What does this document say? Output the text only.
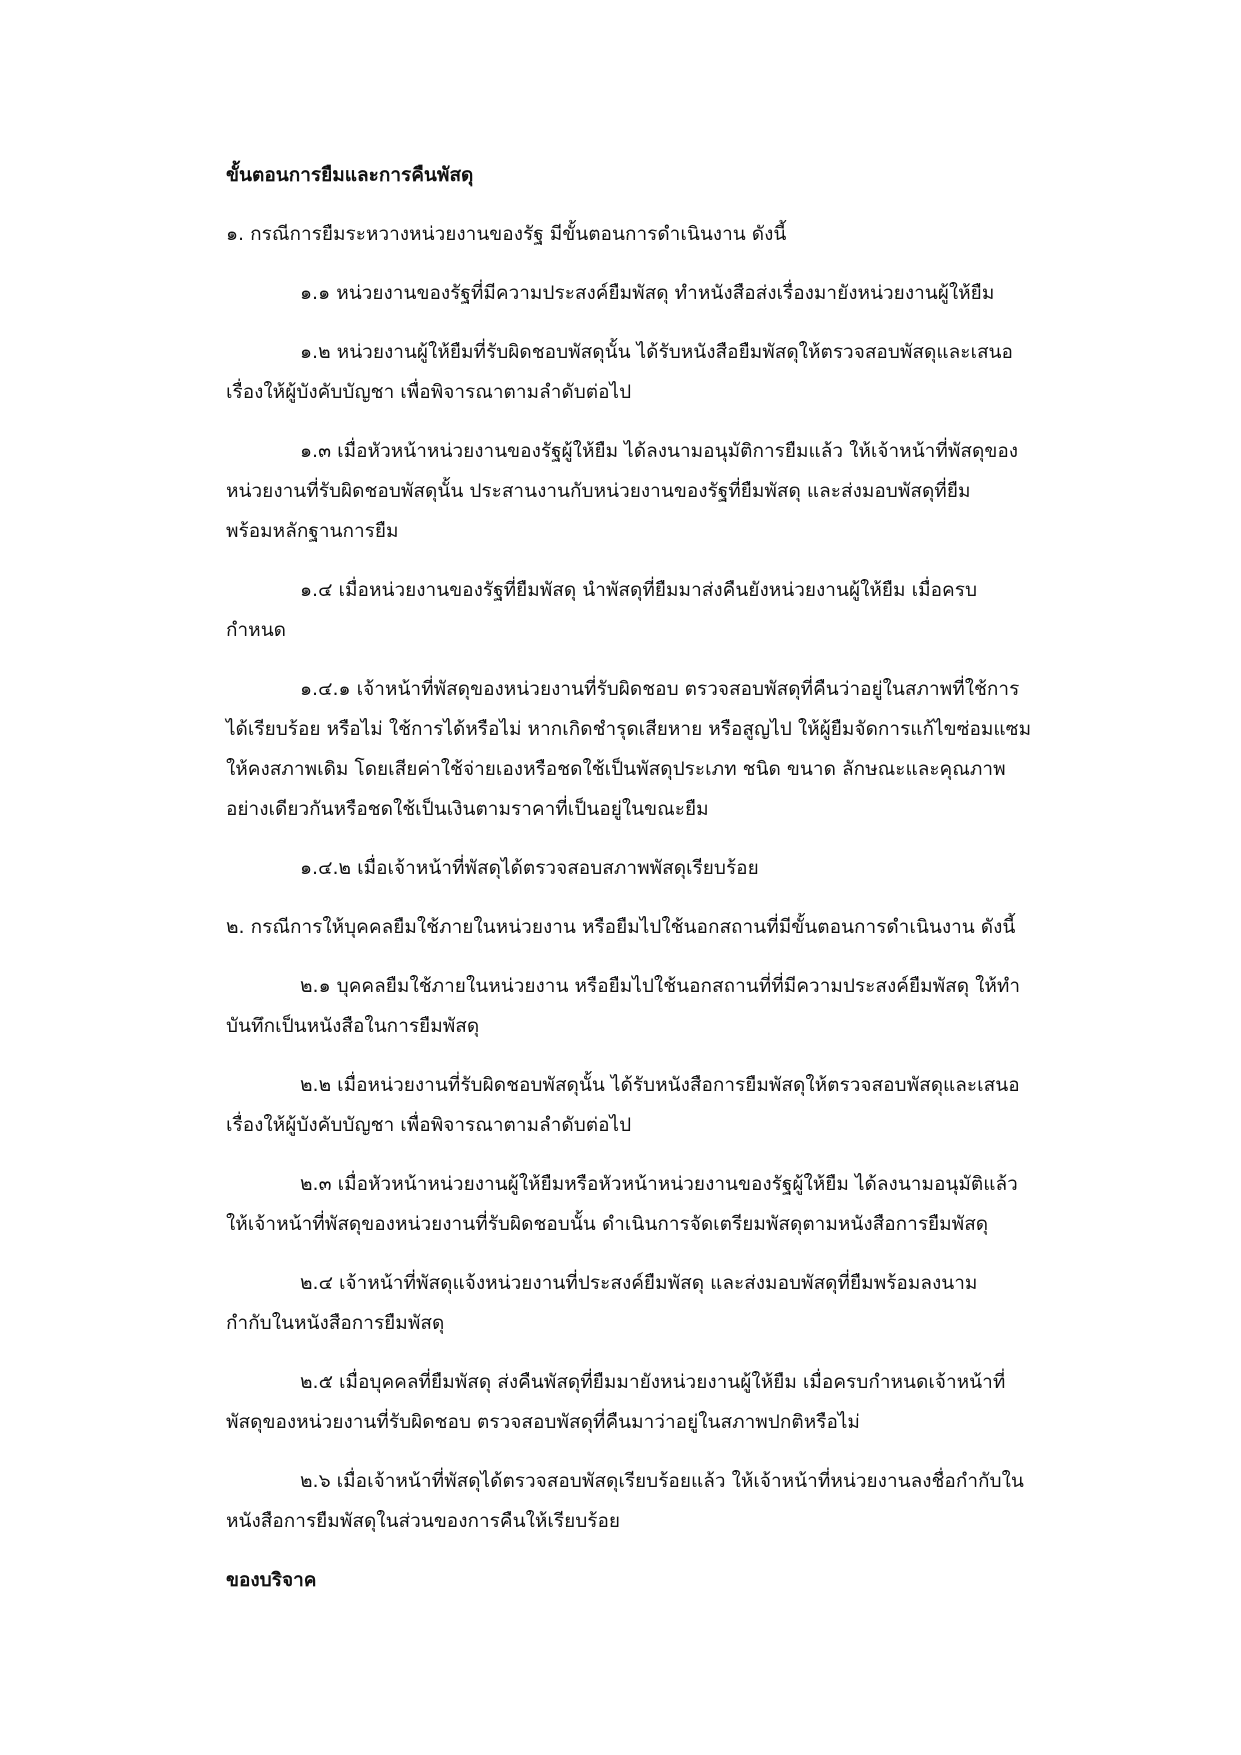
ขั้นตอนการยืมและการคืนพัสดุ
๑. กรณีการยืมระหวางหน่วยงานของรัฐ มีขั้นตอนการดำเนินงาน ดังนี้
๑.๑ หน่วยงานของรัฐที่มีความประสงค์ยืมพัสดุ ทำหนังสือส่งเรื่องมายังหน่วยงานผู้ให้ยืม
๑.๒ หน่วยงานผู้ให้ยืมที่รับผิดชอบพัสดุนั้น ได้รับหนังสือยืมพัสดุให้ตรวจสอบพัสดุและเสนอ
เรื่องให้ผู้บังคับบัญชา เพื่อพิจารณาตามลำดับต่อไป
๑.๓ เมื่อหัวหน้าหน่วยงานของรัฐผู้ให้ยืม ได้ลงนามอนุมัติการยืมแล้ว ให้เจ้าหน้าที่พัสดุของ
หน่วยงานที่รับผิดชอบพัสดุนั้น ประสานงานกับหน่วยงานของรัฐที่ยืมพัสดุ และส่งมอบพัสดุที่ยืม
พร้อมหลักฐานการยืม
๑.๔ เมื่อหน่วยงานของรัฐที่ยืมพัสดุ นำพัสดุที่ยืมมาส่งคืนยังหน่วยงานผู้ให้ยืม เมื่อครบ
กำหนด
๑.๔.๑ เจ้าหน้าที่พัสดุของหน่วยงานที่รับผิดชอบ ตรวจสอบพัสดุที่คืนว่าอยู่ในสภาพที่ใช้การ
ได้เรียบร้อย หรือไม่ ใช้การได้หรือไม่ หากเกิดชำรุดเสียหาย หรือสูญไป ให้ผู้ยืมจัดการแก้ไขซ่อมแซม
ให้คงสภาพเดิม โดยเสียค่าใช้จ่ายเองหรือชดใช้เป็นพัสดุประเภท ชนิด ขนาด ลักษณะและคุณภาพ
อย่างเดียวกันหรือชดใช้เป็นเงินตามราคาที่เป็นอยู่ในขณะยืม
๑.๔.๒ เมื่อเจ้าหน้าที่พัสดุได้ตรวจสอบสภาพพัสดุเรียบร้อย
๒. กรณีการให้บุคคลยืมใช้ภายในหน่วยงาน หรือยืมไปใช้นอกสถานที่มีขั้นตอนการดำเนินงาน ดังนี้
๒.๑ บุคคลยืมใช้ภายในหน่วยงาน หรือยืมไปใช้นอกสถานที่ที่มีความประสงค์ยืมพัสดุ ให้ทำ
บันทึกเป็นหนังสือในการยืมพัสดุ
๒.๒ เมื่อหน่วยงานที่รับผิดชอบพัสดุนั้น ได้รับหนังสือการยืมพัสดุให้ตรวจสอบพัสดุและเสนอ
เรื่องให้ผู้บังคับบัญชา เพื่อพิจารณาตามลำดับต่อไป
๒.๓ เมื่อหัวหน้าหน่วยงานผู้ให้ยืมหรือหัวหน้าหน่วยงานของรัฐผู้ให้ยืม ได้ลงนามอนุมัติแล้ว
ให้เจ้าหน้าที่พัสดุของหน่วยงานที่รับผิดชอบนั้น ดำเนินการจัดเตรียมพัสดุตามหนังสือการยืมพัสดุ
๒.๔ เจ้าหน้าที่พัสดุแจ้งหน่วยงานที่ประสงค์ยืมพัสดุ และส่งมอบพัสดุที่ยืมพร้อมลงนาม
กำกับในหนังสือการยืมพัสดุ
๒.๕ เมื่อบุคคลที่ยืมพัสดุ ส่งคืนพัสดุที่ยืมมายังหน่วยงานผู้ให้ยืม เมื่อครบกำหนดเจ้าหน้าที่
พัสดุของหน่วยงานที่รับผิดชอบ ตรวจสอบพัสดุที่คืนมาว่าอยู่ในสภาพปกติหรือไม่
๒.๖ เมื่อเจ้าหน้าที่พัสดุได้ตรวจสอบพัสดุเรียบร้อยแล้ว ให้เจ้าหน้าที่หน่วยงานลงชื่อกำกับใน
หนังสือการยืมพัสดุในส่วนของการคืนให้เรียบร้อย
ของบริจาค
